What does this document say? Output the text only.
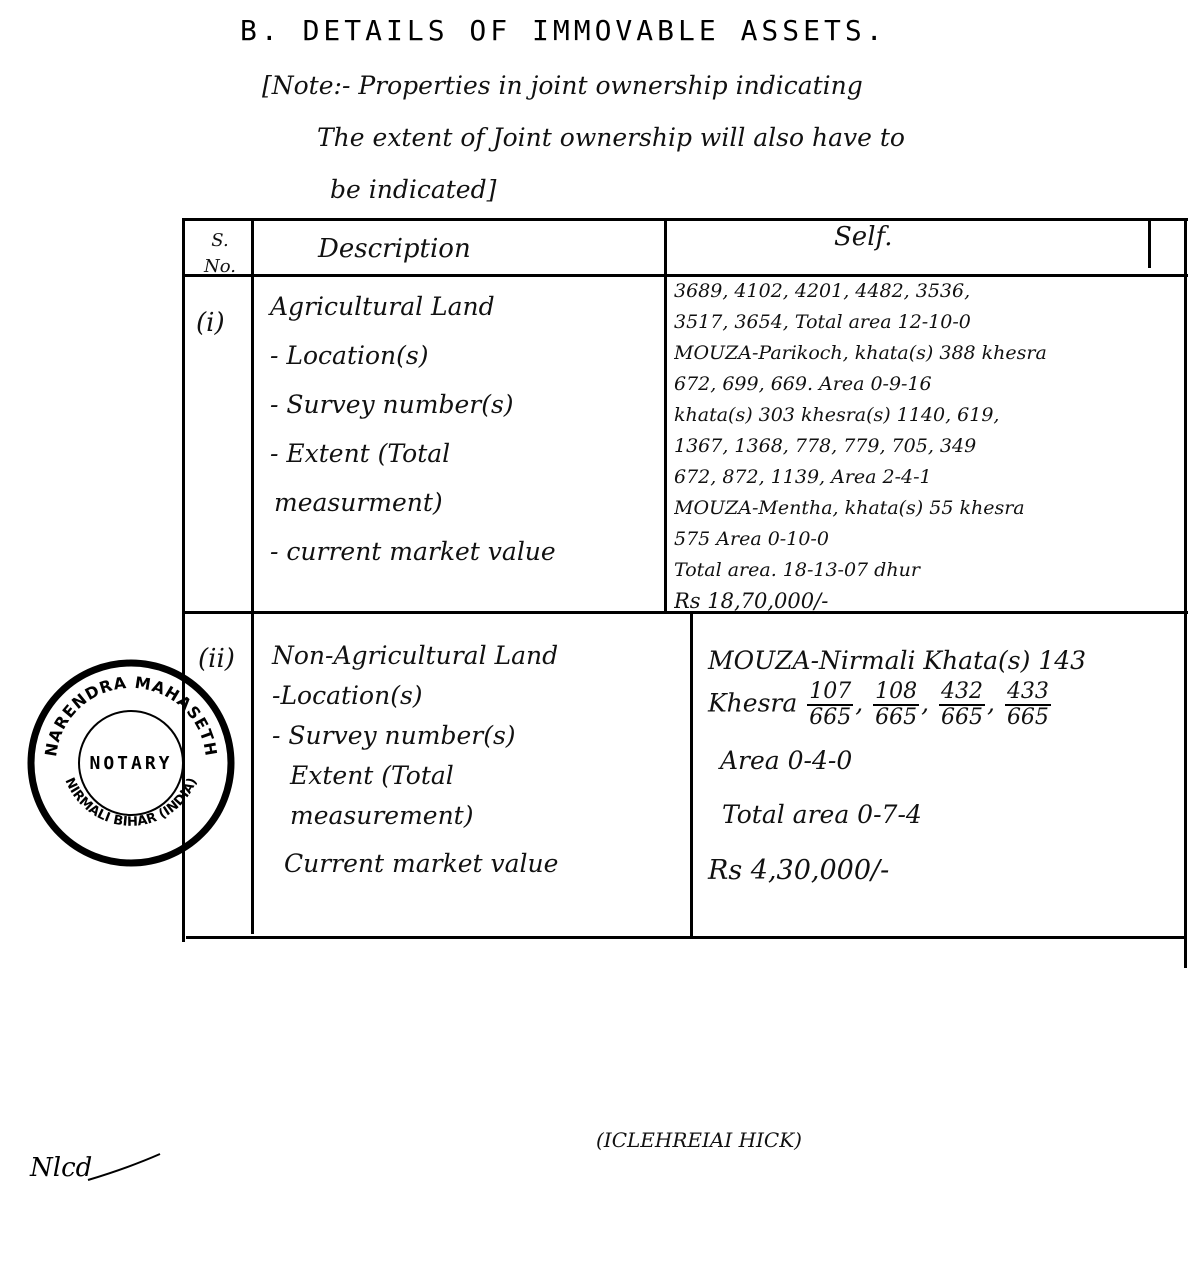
B. DETAILS OF IMMOVABLE ASSETS.
[Note:- Properties in joint ownership indicating
The extent of Joint ownership will also have to
be indicated]
S. No.
Description	Self.
(i)
Agricultural Land
- Location(s)
- Survey number(s)
- Extent (Total
measurment)
- current market value
3689, 4102, 4201, 4482, 3536,
3517, 3654, Total area 12-10-0
MOUZA-Parikoch, khata(s) 388 khesra
672, 699, 669. Area 0-9-16
khata(s) 303 khesra(s) 1140, 619,
1367, 1368, 778, 779, 705, 349
672, 872, 1139, Area 2-4-1
MOUZA-Mentha, khata(s) 55 khesra
575 Area 0-10-0
Total area. 18-13-07 dhur
Rs 18,70,000/-
(ii) Non-Agricultural Land
-Location(s)
- Survey number(s)
Extent (Total
measurement)
Current market value
MOUZA-Nirmali Khata(s) 143
Khesra $\frac{107}{665}$ , $\frac{108}{665}$ , $\frac{432}{665}$ , $\frac{433}{665}$
Area 0-4-0
Total area 0-7-4
Rs 4,30,000/-
NARENDRA MAHASETH
NOTARY
NIRMALI BIHAR (INDIA)
Nlcd
(ICLEHREIAI HICK)
